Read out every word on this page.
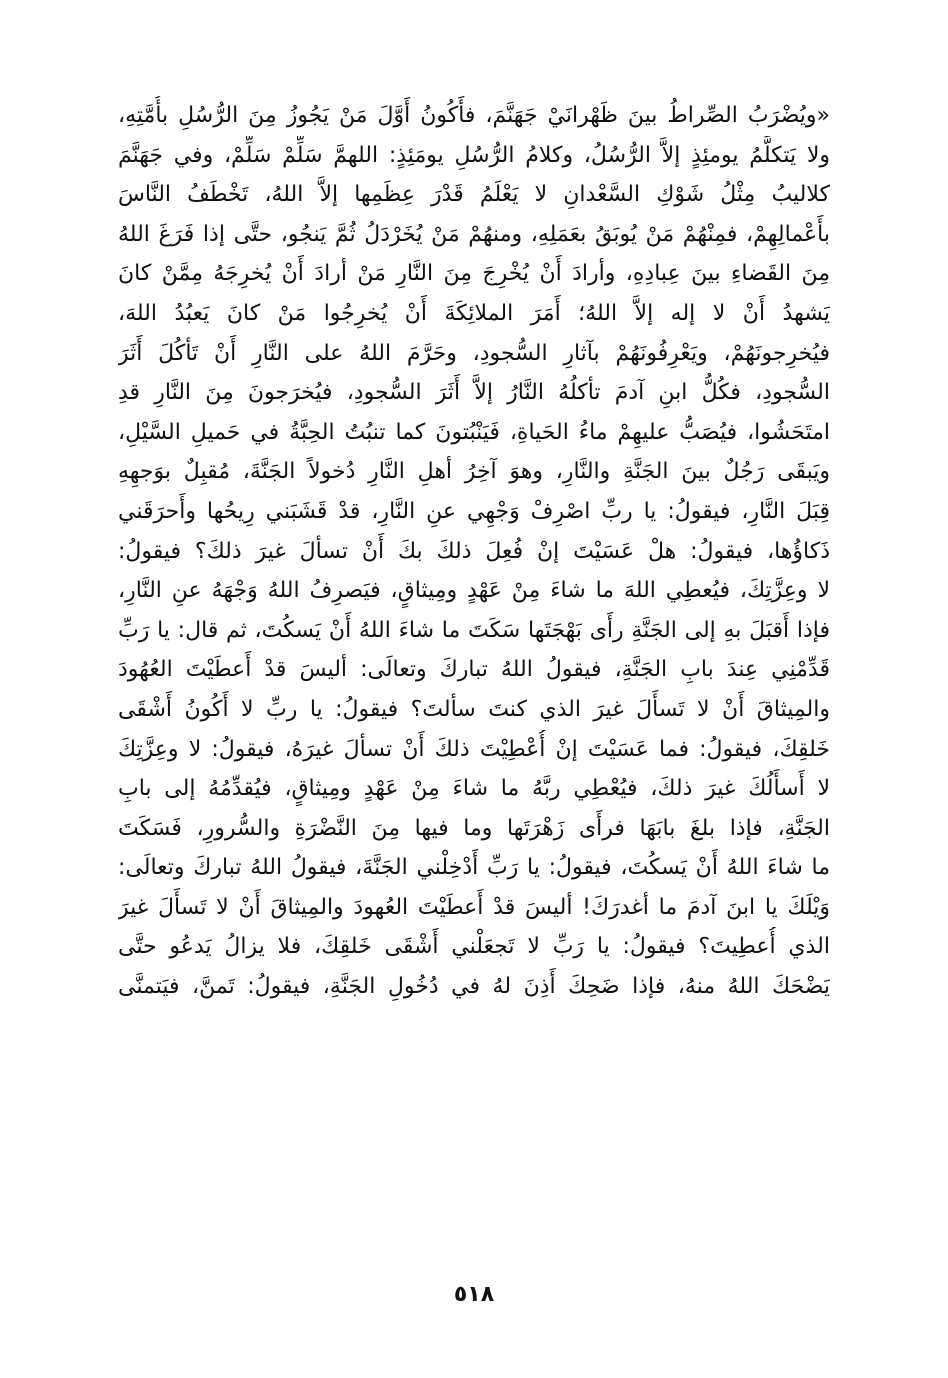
«ويُضْرَبُ الصِّراطُ بينَ ظَهْرانَيْ جَهَنَّمَ، فأَكُونُ أَوَّلَ مَنْ يَجُوزُ مِنَ الرُّسُلِ بأُمَّتِهِ،
ولا يَتكلَّمُ يومئِذٍ إلاَّ الرُّسُلُ، وكلامُ الرُّسُلِ يومَئِذٍ: اللهمَّ سَلِّمْ سَلِّمْ، وفي جَهَنَّمَ
كلاليبُ مِثْلُ شَوْكِ السَّعْدانِ لا يَعْلَمُ قَدْرَ عِظَمِها إلاَّ اللهُ، تَخْطَفُ النَّاسَ
بأَعْمالِهِمْ، فمِنْهُمْ مَنْ يُوبَقُ بعَمَلِهِ، ومنهُمْ مَنْ يُخَرْدَلُ ثُمَّ يَنجُو، حتَّى إذا فَرَغَ اللهُ
مِنَ القَضاءِ بينَ عِبادِهِ، وأرادَ أَنْ يُخْرِجَ مِنَ النَّارِ مَنْ أرادَ أَنْ يُخرِجَهُ مِمَّنْ كانَ
يَشهدُ أَنْ لا إله إلاَّ اللهُ؛ أَمَرَ الملائِكَةَ أَنْ يُخرِجُوا مَنْ كانَ يَعبُدُ اللهَ،
فيُخرِجونَهُمْ، ويَعْرِفُونَهُمْ بآثارِ السُّجودِ، وحَرَّمَ اللهُ على النَّارِ أَنْ تَأكُلَ أَثَرَ
السُّجودِ، فكُلُّ ابنِ آدمَ تأكلُهُ النَّارُ إلاَّ أَثَرَ السُّجودِ، فيُخرَجونَ مِنَ النَّارِ قدِ
امتَحَشُوا، فيُصَبُّ عليهِمْ ماءُ الحَياةِ، فَيَنْبُتونَ كما تنبُتُ الحِبَّةُ في حَميلِ السَّيْلِ،
ويَبقَى رَجُلٌ بينَ الجَنَّةِ والنَّارِ، وهوَ آخِرُ أهلِ النَّارِ دُخولاً الجَنَّةَ، مُقبِلٌ بوَجهِهِ
قِبَلَ النَّارِ، فيقولُ: يا ربِّ اصْرِفْ وَجْهِي عنِ النَّارِ، قدْ قَشَبَني رِيحُها وأَحرَقَني
ذَكاؤُها، فيقولُ: هلْ عَسَيْتَ إنْ فُعِلَ ذلكَ بكَ أَنْ تسألَ غيرَ ذلكَ؟ فيقولُ:
لا وعِزَّتِكَ، فيُعطِي اللهَ ما شاءَ مِنْ عَهْدٍ ومِيثاقٍ، فيَصرِفُ اللهُ وَجْهَهُ عنِ النَّارِ،
فإذا أَقبَلَ بهِ إلى الجَنَّةِ رأَى بَهْجَتَها سَكَتَ ما شاءَ اللهُ أَنْ يَسكُتَ، ثم قال: يا رَبِّ
قَدِّمْنِي عِندَ بابِ الجَنَّةِ، فيقولُ اللهُ تباركَ وتعالَى: أليسَ قدْ أَعطَيْتَ العُهُودَ
والمِيثاقَ أَنْ لا تَسأَلَ غيرَ الذي كنتَ سألتَ؟ فيقولُ: يا ربِّ لا أَكُونُ أَشْقَى
خَلقِكَ، فيقولُ: فما عَسَيْتَ إنْ أُعْطِيْتَ ذلكَ أَنْ تسألَ غيرَهُ، فيقولُ: لا وعِزَّتِكَ
لا أَسأَلُكَ غيرَ ذلكَ، فيُعْطِي ربَّهُ ما شاءَ مِنْ عَهْدٍ ومِيثاقٍ، فيُقدِّمُهُ إلى بابِ
الجَنَّةِ، فإذا بلغَ بابَهَا فرأَى زَهْرَتَها وما فيها مِنَ النَّضْرَةِ والسُّرورِ، فَسَكَتَ
ما شاءَ اللهُ أَنْ يَسكُتَ، فيقولُ: يا رَبِّ أَدْخِلْني الجَنَّةَ، فيقولُ اللهُ تباركَ وتعالَى:
وَيْلَكَ يا ابنَ آدمَ ما أغدرَكَ! أليسَ قدْ أَعطَيْتَ العُهودَ والمِيثاقَ أَنْ لا تَسأَلَ غيرَ
الذي أُعطِيتَ؟ فيقولُ: يا رَبِّ لا تَجعَلْني أَشْقَى خَلقِكَ، فلا يزالُ يَدعُو حتَّى
يَضْحَكَ اللهُ منهُ، فإذا ضَحِكَ أَذِنَ لهُ في دُخُولِ الجَنَّةِ، فيقولُ: تَمنَّ، فيَتمنَّى
٥١٨
